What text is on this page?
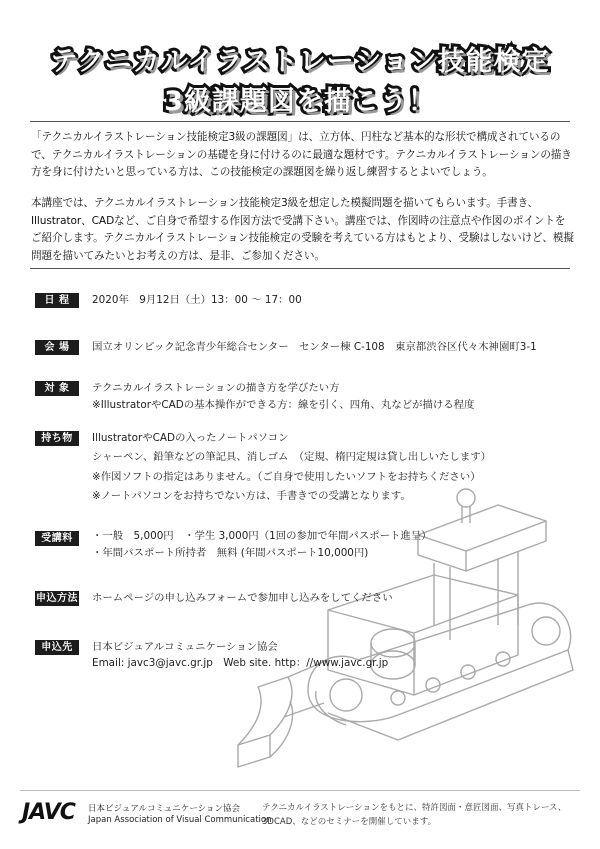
テクニカルイラストレーション技能検定
3級課題図を描こう！
「テクニカルイラストレーション技能検定3級の課題図」は、立方体、円柱など基本的な形状で構成されているので、テクニカルイラストレーションの基礎を身に付けるのに最適な題材です。テクニカルイラストレーションの描き方を身に付けたいと思っている方は、この技能検定の課題図を繰り返し練習するとよいでしょう。
本講座では、テクニカルイラストレーション技能検定3級を想定した模擬問題を描いてもらいます。手書き、Illustrator、CADなど、ご自身で希望する作図方法で受講下さい。講座では、作図時の注意点や作図のポイントをご紹介します。テクニカルイラストレーション技能検定の受験を考えている方はもとより、受験はしないけど、模擬問題を描いてみたいとお考えの方は、是非、ご参加ください。
日 程	2020年　9月12日（土）13：00 ～ 17：00
会 場	国立オリンピック記念青少年総合センター　センター棟 C-108　東京都渋谷区代々木神園町3-1
対 象	テクニカルイラストレーションの描き方を学びたい方
※IllustratorやCADの基本操作ができる方：線を引く、四角、丸などが描ける程度
持ち物	IllustratorやCADの入ったノートパソコン
シャーペン、鉛筆などの筆記具、消しゴム　（定規、楕円定規は貸し出しいたします）
※作図ソフトの指定はありません。（ご自身で使用したいソフトをお持ちください）
※ノートパソコンをお持ちでない方は、手書きでの受講となります。
受講料	・一般　5,000円　・学生 3,000円（1回の参加で年間パスポート進呈）
・年間パスポート所持者　無料 (年間パスポート10,000円)
申込方法 ホームページの申し込みフォームで参加申し込みをしてください
申込先	日本ビジュアルコミュニケーション協会
Email: javc3@javc.gr.jp　Web site. http：//www.javc.gr.jp
JAVC 日本ビジュアルコミュニケーション協会
Japan Association of Visual Communication
テクニカルイラストレーションをもとに、特許図面・意匠図面、写真トレース、3DCAD、などのセミナーを開催しています。
